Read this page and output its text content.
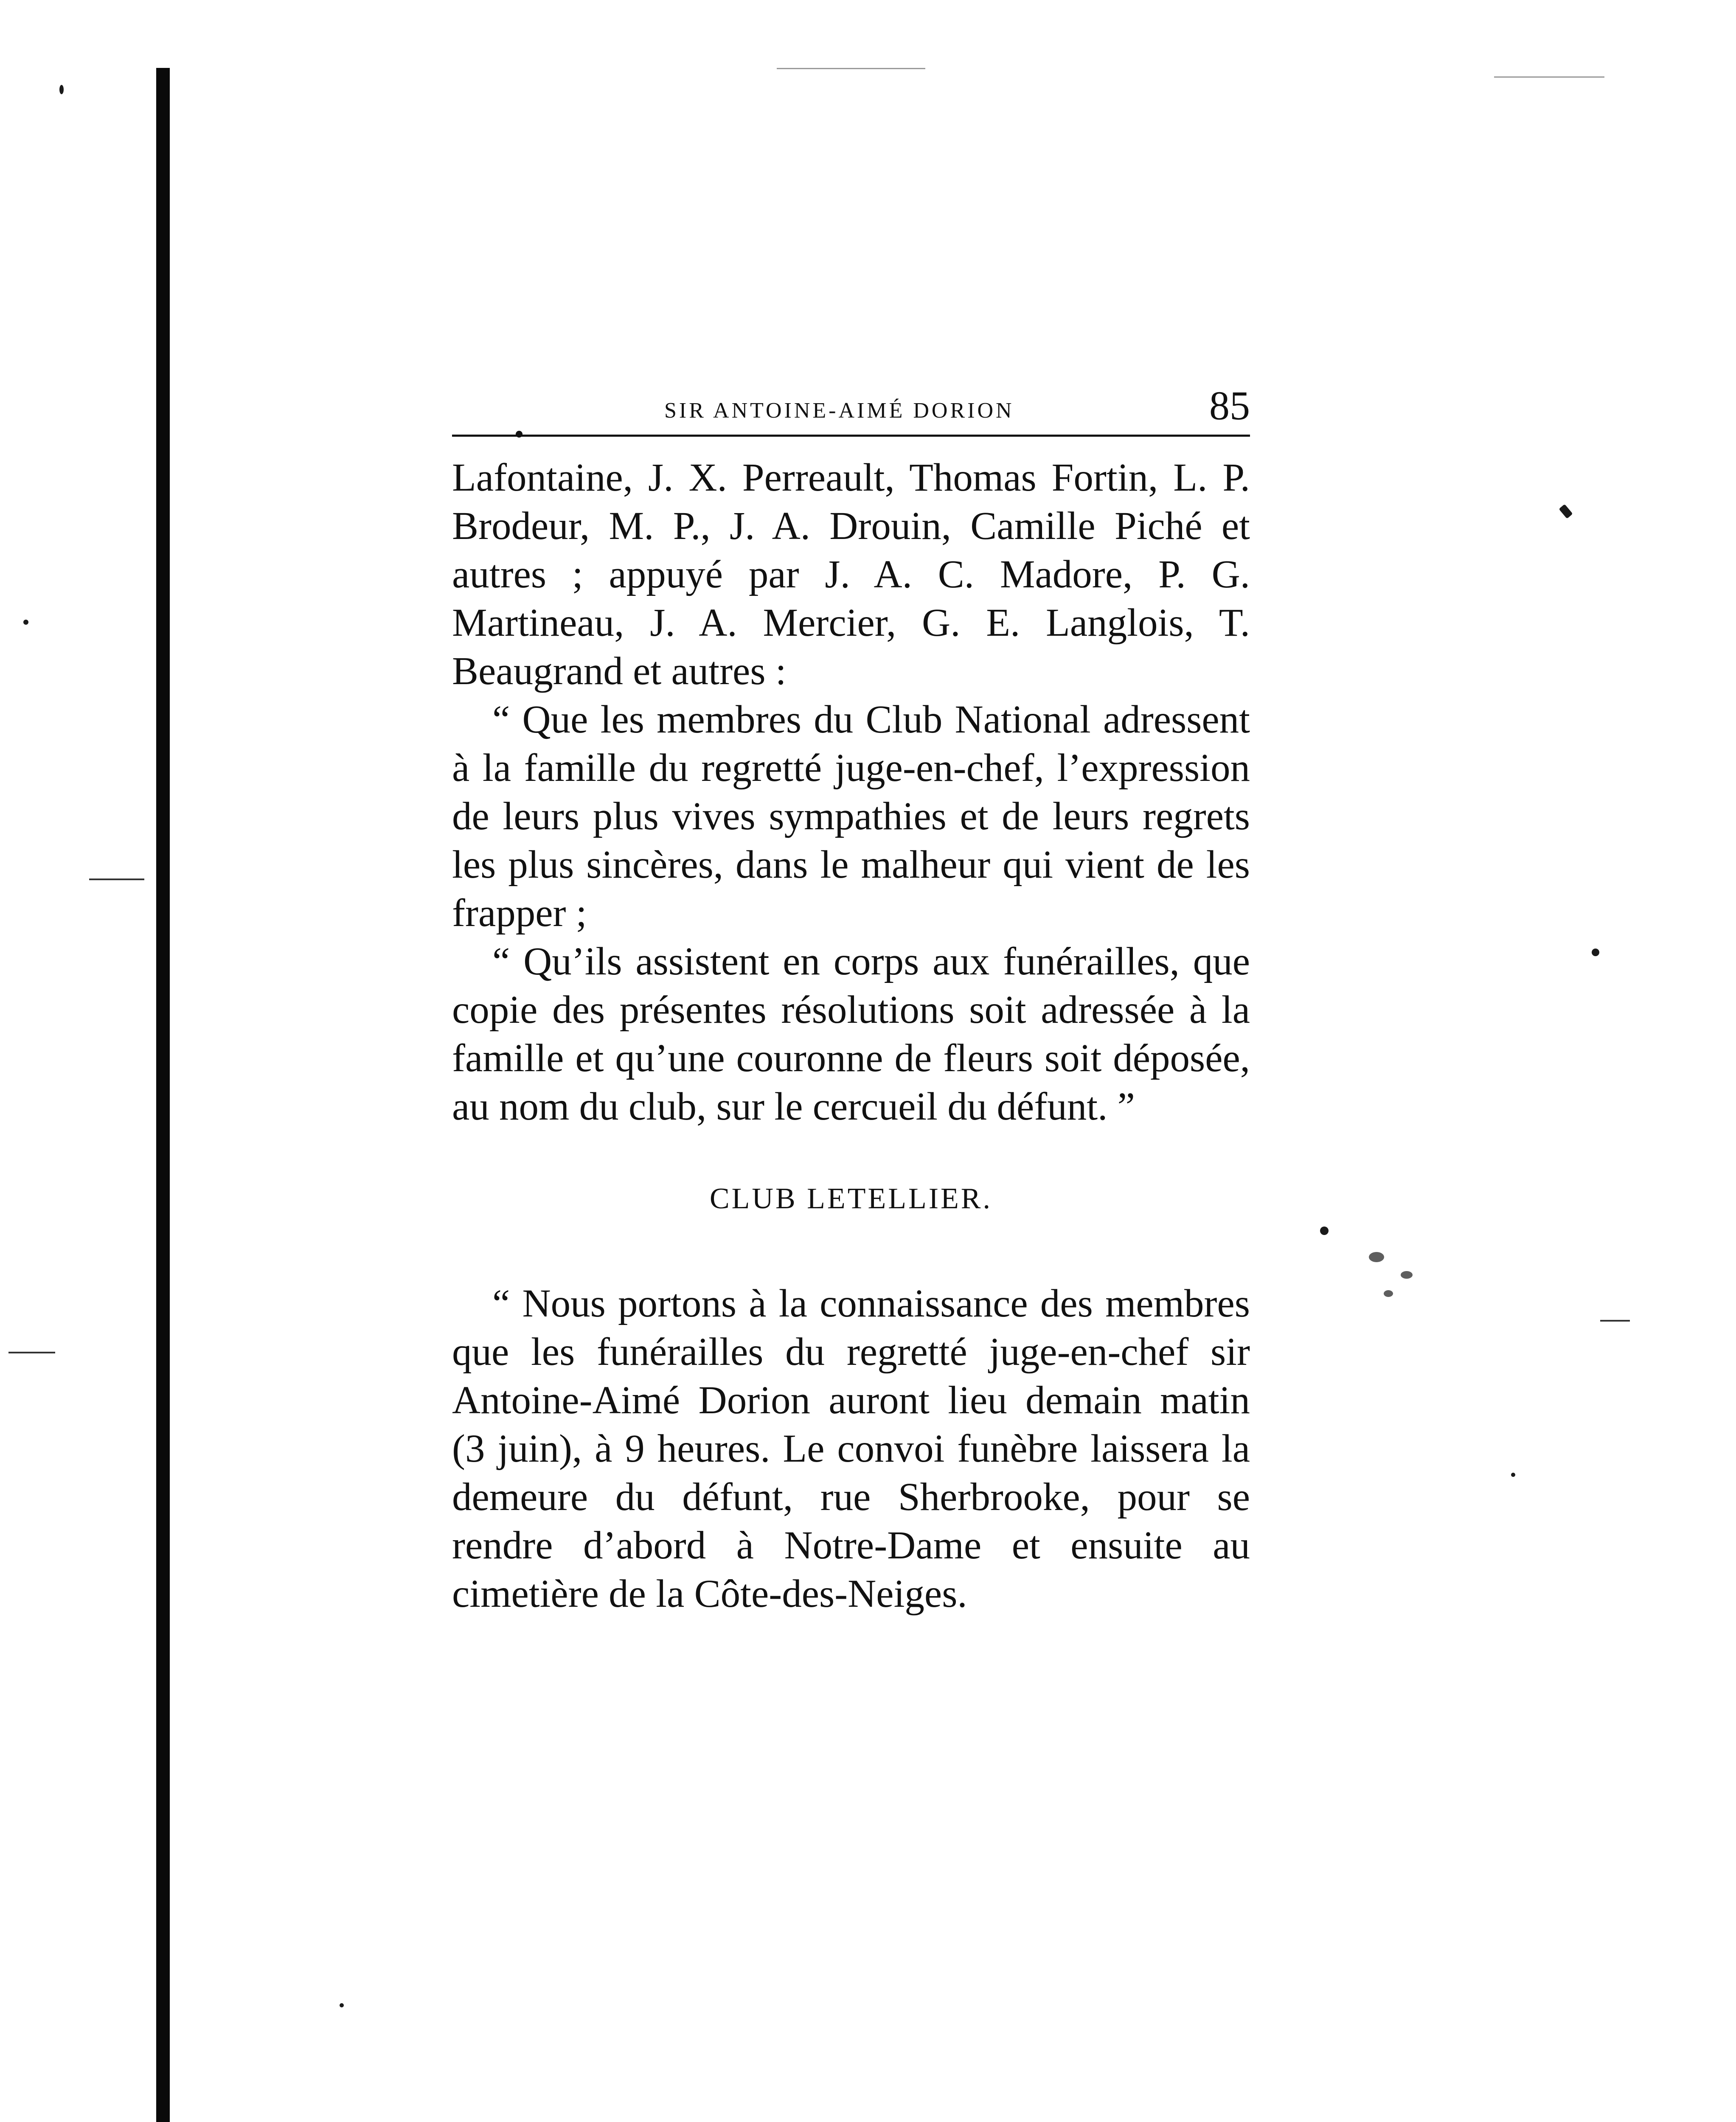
SIR ANTOINE-AIMÉ DORION	85

Lafontaine, J. X. Perreault, Thomas Fortin, L. P. Brodeur, M. P., J. A. Drouin, Camille Piché et autres ; appuyé par J. A. C. Madore, P. G. Martineau, J. A. Mercier, G. E. Langlois, T. Beaugrand et autres :

“ Que les membres du Club National adressent à la famille du regretté juge-en-chef, l’expression de leurs plus vives sympathies et de leurs regrets les plus sincères, dans le malheur qui vient de les frapper ;

“ Qu’ils assistent en corps aux funérailles, que copie des présentes résolutions soit adressée à la famille et qu’une couronne de fleurs soit déposée, au nom du club, sur le cercueil du défunt. ”

CLUB LETELLIER.

“ Nous portons à la connaissance des membres que les funérailles du regretté juge-en-chef sir Antoine-Aimé Dorion auront lieu demain matin (3 juin), à 9 heures. Le convoi funèbre laissera la demeure du défunt, rue Sherbrooke, pour se rendre d’abord à Notre-Dame et ensuite au cimetière de la Côte-des-Neiges.
